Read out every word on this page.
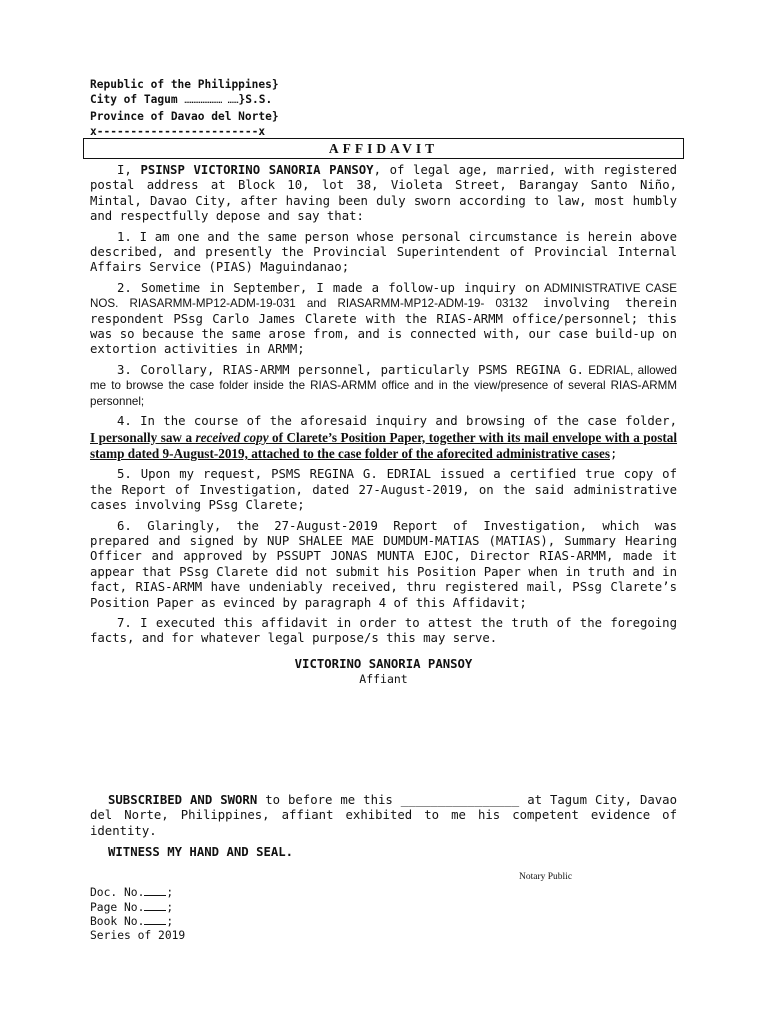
Republic of the Philippines}
City of Tagum ………………… ……}S.S.
Province of Davao del Norte}
x------------------------x
AFFIDAVIT

I, PSINSP VICTORINO SANORIA PANSOY, of legal age, married, with registered postal address at Block 10, lot 38, Violeta Street, Barangay Santo Niño, Mintal, Davao City, after having been duly sworn according to law, most humbly and respectfully depose and say that:

1. I am one and the same person whose personal circumstance is herein above described, and presently the Provincial Superintendent of Provincial Internal Affairs Service (PIAS) Maguindanao;

2. Sometime in September, I made a follow-up inquiry on ADMINISTRATIVE CASE NOS. RIASARMM-MP12-ADM-19-031 and RIASARMM-MP12-ADM-19- 03132 involving therein respondent PSsg Carlo James Clarete with the RIAS-ARMM office/personnel; this was so because the same arose from, and is connected with, our case build-up on extortion activities in ARMM;

3. Corollary, RIAS-ARMM personnel, particularly PSMS REGINA G. EDRIAL, allowed me to browse the case folder inside the RIAS-ARMM office and in the view/presence of several RIAS-ARMM personnel;

4. In the course of the aforesaid inquiry and browsing of the case folder, I personally saw a received copy of Clarete’s Position Paper, together with its mail envelope with a postal stamp dated 9-August-2019, attached to the case folder of the aforecited administrative cases;

5. Upon my request, PSMS REGINA G. EDRIAL issued a certified true copy of the Report of Investigation, dated 27-August-2019, on the said administrative cases involving PSsg Clarete;

6. Glaringly, the 27-August-2019 Report of Investigation, which was prepared and signed by NUP SHALEE MAE DUMDUM-MATIAS (MATIAS), Summary Hearing Officer and approved by PSSUPT JONAS MUNTA EJOC, Director RIAS-ARMM, made it appear that PSsg Clarete did not submit his Position Paper when in truth and in fact, RIAS-ARMM have undeniably received, thru registered mail, PSsg Clarete’s Position Paper as evinced by paragraph 4 of this Affidavit;

7. I executed this affidavit in order to attest the truth of the foregoing facts, and for whatever legal purpose/s this may serve.

VICTORINO SANORIA PANSOY
Affiant
SUBSCRIBED AND SWORN to before me this ________________ at Tagum City, Davao del Norte, Philippines, affiant exhibited to me his competent evidence of identity.
WITNESS MY HAND AND SEAL.
Notary Public
Doc. No. ;
Page No. ;
Book No. ;
Series of 2019
